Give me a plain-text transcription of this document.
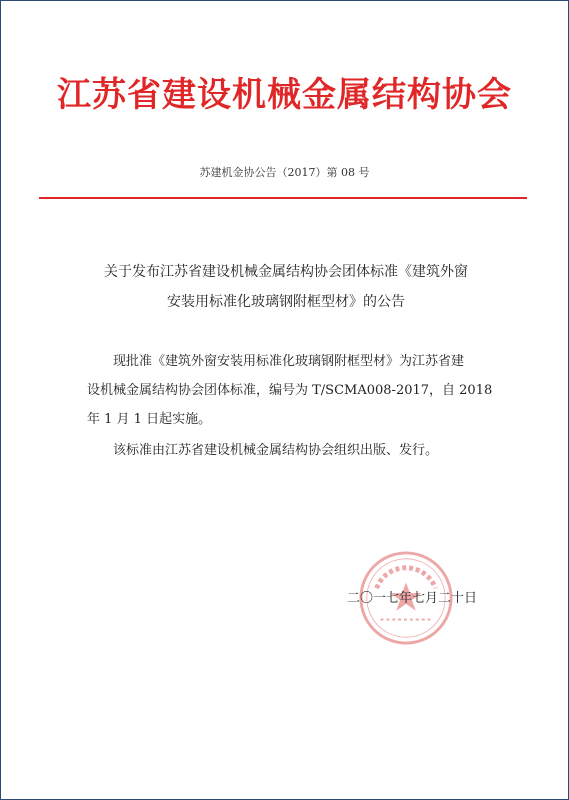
江苏省建设机械金属结构协会
苏建机金协公告（2017）第 08 号
关于发布江苏省建设机械金属结构协会团体标准《建筑外窗
安装用标准化玻璃钢附框型材》的公告
现批准《建筑外窗安装用标准化玻璃钢附框型材》为江苏省建
设机械金属结构协会团体标准，编号为 T/SCMA008-2017，自 2018
年 1 月 1 日起实施。
该标准由江苏省建设机械金属结构协会组织出版、发行。
二〇一七年七月二十日
